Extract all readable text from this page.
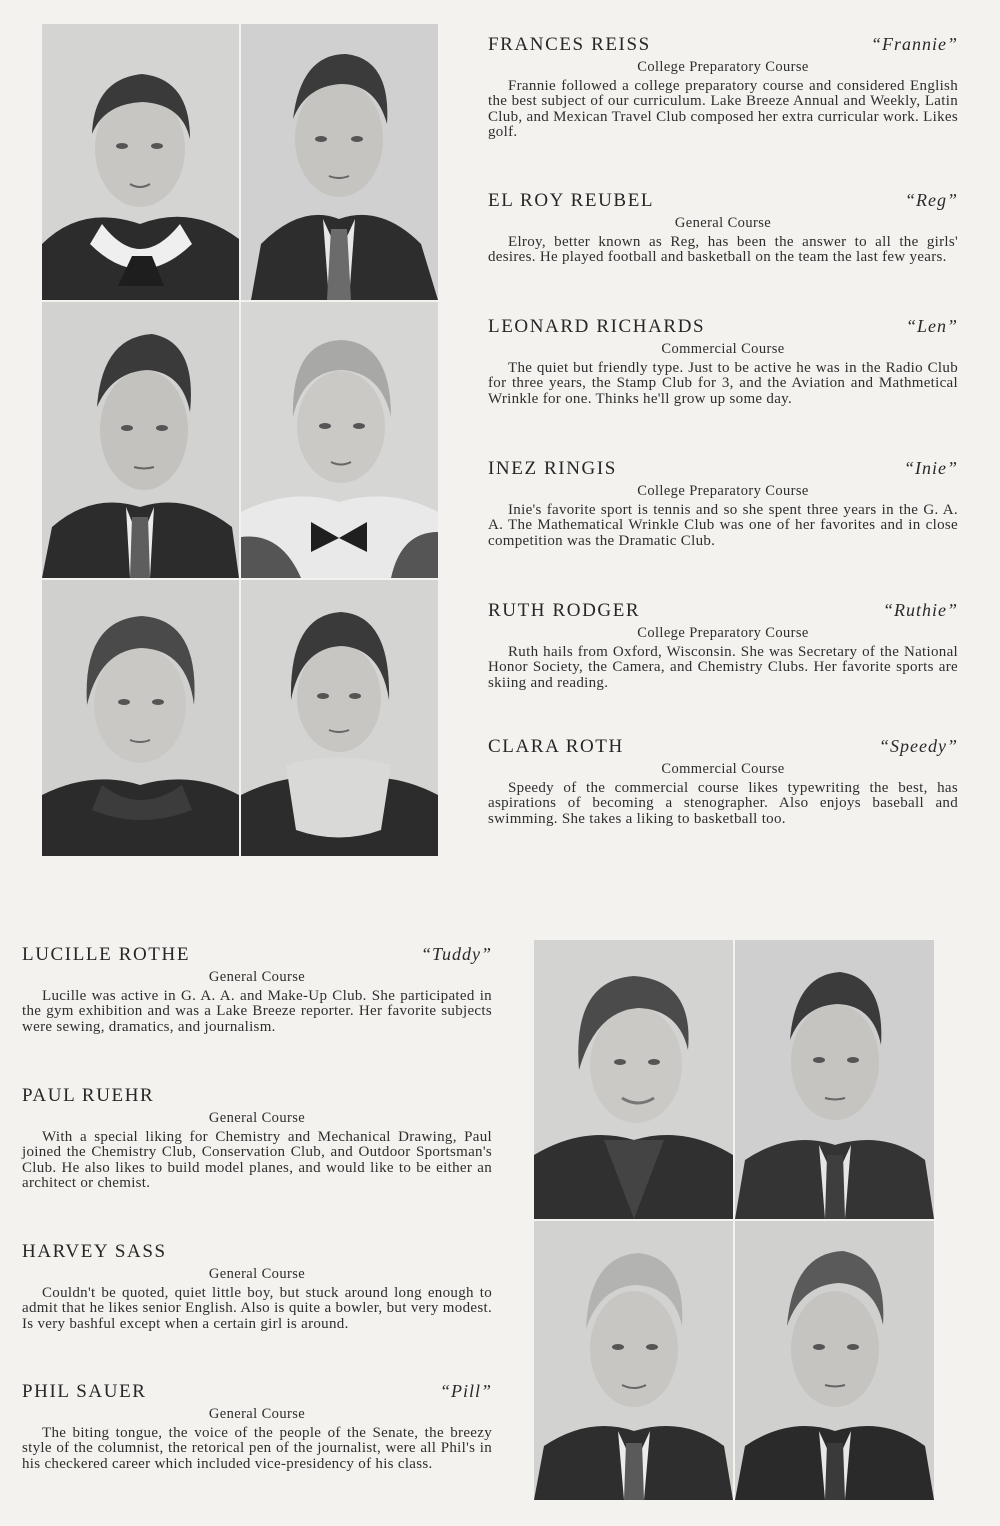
FRANCES REISS	“Frannie”
College Preparatory Course

Frannie followed a college preparatory course and considered English the best subject of our curriculum. Lake Breeze Annual and Weekly, Latin Club, and Mexican Travel Club composed her extra curricular work. Likes golf.

EL ROY REUBEL	“Reg”
General Course

Elroy, better known as Reg, has been the answer to all the girls' desires. He played football and basketball on the team the last few years.

LEONARD RICHARDS	“Len”
Commercial Course

The quiet but friendly type. Just to be active he was in the Radio Club for three years, the Stamp Club for 3, and the Aviation and Mathmetical Wrinkle for one. Thinks he'll grow up some day.

INEZ RINGIS	“Inie”
College Preparatory Course

Inie's favorite sport is tennis and so she spent three years in the G. A. A. The Mathematical Wrinkle Club was one of her favorites and in close competition was the Dramatic Club.

RUTH RODGER	“Ruthie”
College Preparatory Course

Ruth hails from Oxford, Wisconsin. She was Secretary of the National Honor Society, the Camera, and Chemistry Clubs. Her favorite sports are skiing and reading.

CLARA ROTH	“Speedy”
Commercial Course

Speedy of the commercial course likes typewriting the best, has aspirations of becoming a stenographer. Also enjoys baseball and swimming. She takes a liking to basketball too.

LUCILLE ROTHE	“Tuddy”
General Course

Lucille was active in G. A. A. and Make-Up Club. She participated in the gym exhibition and was a Lake Breeze reporter. Her favorite subjects were sewing, dramatics, and journalism.

PAUL RUEHR
General Course

With a special liking for Chemistry and Mechanical Drawing, Paul joined the Chemistry Club, Conservation Club, and Outdoor Sportsman's Club. He also likes to build model planes, and would like to be either an architect or chemist.

HARVEY SASS
General Course

Couldn't be quoted, quiet little boy, but stuck around long enough to admit that he likes senior English. Also is quite a bowler, but very modest. Is very bashful except when a certain girl is around.

PHIL SAUER	“Pill”
General Course

The biting tongue, the voice of the people of the Senate, the breezy style of the columnist, the retorical pen of the journalist, were all Phil's in his checkered career which included vice-presidency of his class.
